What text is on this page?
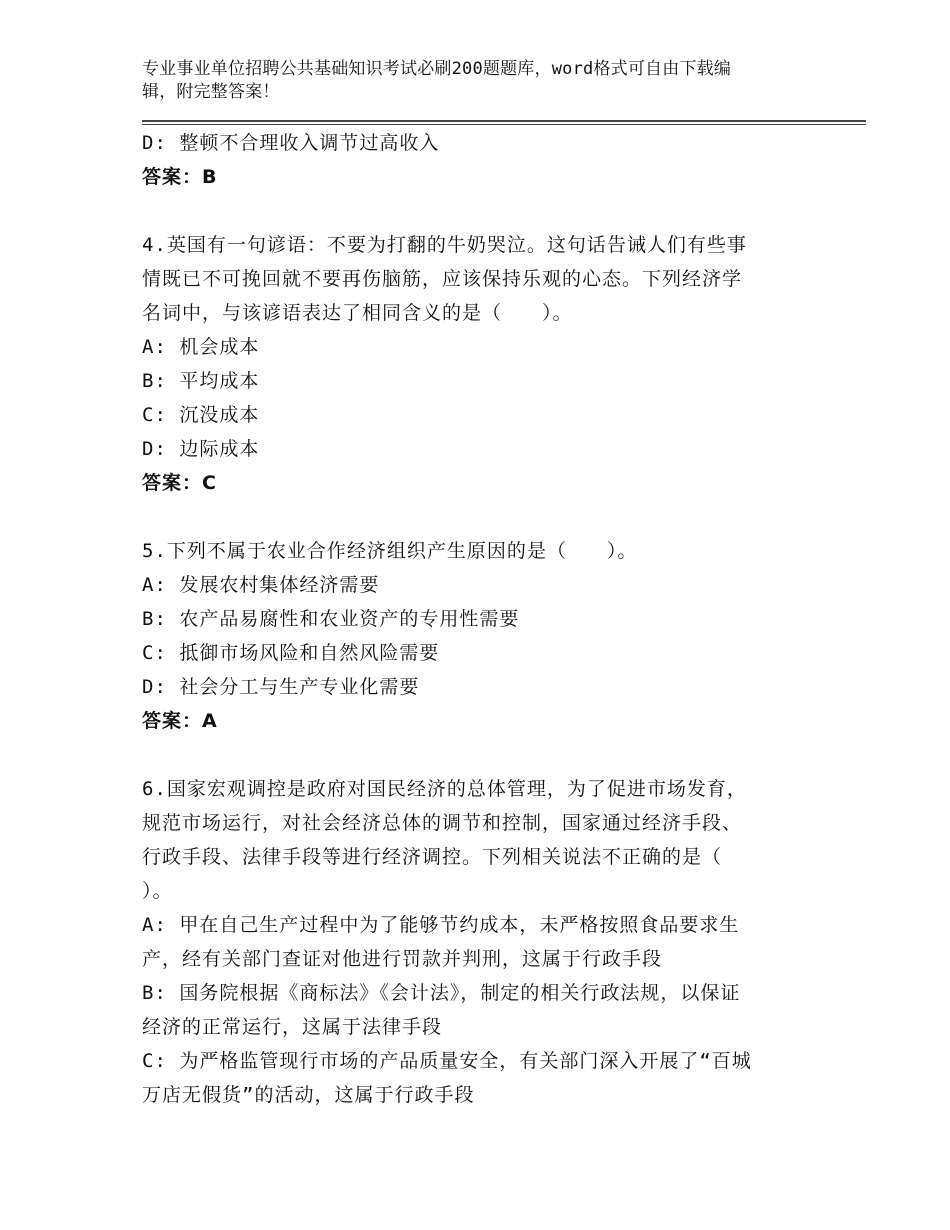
专业事业单位招聘公共基础知识考试必刷200题题库，word格式可自由下载编
辑，附完整答案！
D: 整顿不合理收入调节过高收入
答案：B
4.英国有一句谚语：不要为打翻的牛奶哭泣。这句话告诫人们有些事
情既已不可挽回就不要再伤脑筋，应该保持乐观的心态。下列经济学
名词中，与该谚语表达了相同含义的是（　　）。
A: 机会成本
B: 平均成本
C: 沉没成本
D: 边际成本
答案：C
5.下列不属于农业合作经济组织产生原因的是（　　）。
A: 发展农村集体经济需要
B: 农产品易腐性和农业资产的专用性需要
C: 抵御市场风险和自然风险需要
D: 社会分工与生产专业化需要
答案：A
6.国家宏观调控是政府对国民经济的总体管理，为了促进市场发育，
规范市场运行，对社会经济总体的调节和控制，国家通过经济手段、
行政手段、法律手段等进行经济调控。下列相关说法不正确的是（
）。
A: 甲在自己生产过程中为了能够节约成本，未严格按照食品要求生
产，经有关部门查证对他进行罚款并判刑，这属于行政手段
B: 国务院根据《商标法》《会计法》，制定的相关行政法规，以保证
经济的正常运行，这属于法律手段
C: 为严格监管现行市场的产品质量安全，有关部门深入开展了“百城
万店无假货”的活动，这属于行政手段
